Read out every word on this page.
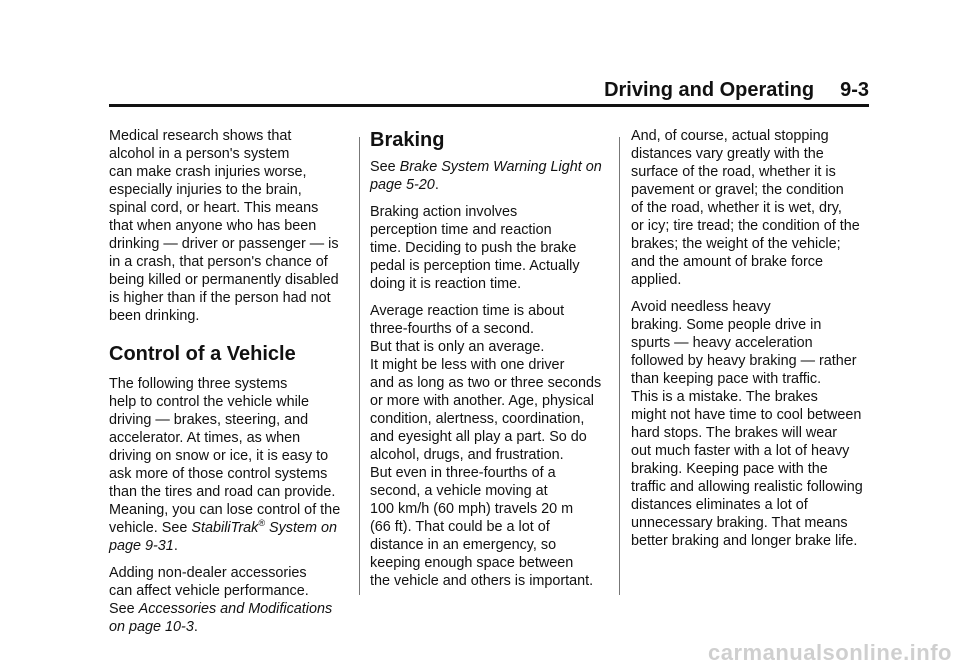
Driving and Operating 9-3
Medical research shows that
alcohol in a person's system
can make crash injuries worse,
especially injuries to the brain,
spinal cord, or heart. This means
that when anyone who has been
drinking — driver or passenger — is
in a crash, that person's chance of
being killed or permanently disabled
is higher than if the person had not
been drinking.
Control of a Vehicle
The following three systems
help to control the vehicle while
driving — brakes, steering, and
accelerator. At times, as when
driving on snow or ice, it is easy to
ask more of those control systems
than the tires and road can provide.
Meaning, you can lose control of the
vehicle. See StabiliTrak® System on
page 9-31.
Adding non-dealer accessories
can affect vehicle performance.
See Accessories and Modifications
on page 10-3.
Braking
See Brake System Warning Light on
page 5-20.
Braking action involves
perception time and reaction
time. Deciding to push the brake
pedal is perception time. Actually
doing it is reaction time.
Average reaction time is about
three-fourths of a second.
But that is only an average.
It might be less with one driver
and as long as two or three seconds
or more with another. Age, physical
condition, alertness, coordination,
and eyesight all play a part. So do
alcohol, drugs, and frustration.
But even in three-fourths of a
second, a vehicle moving at
100 km/h (60 mph) travels 20 m
(66 ft). That could be a lot of
distance in an emergency, so
keeping enough space between
the vehicle and others is important.
And, of course, actual stopping
distances vary greatly with the
surface of the road, whether it is
pavement or gravel; the condition
of the road, whether it is wet, dry,
or icy; tire tread; the condition of the
brakes; the weight of the vehicle;
and the amount of brake force
applied.
Avoid needless heavy
braking. Some people drive in
spurts — heavy acceleration
followed by heavy braking — rather
than keeping pace with traffic.
This is a mistake. The brakes
might not have time to cool between
hard stops. The brakes will wear
out much faster with a lot of heavy
braking. Keeping pace with the
traffic and allowing realistic following
distances eliminates a lot of
unnecessary braking. That means
better braking and longer brake life.
carmanualsonline.info
